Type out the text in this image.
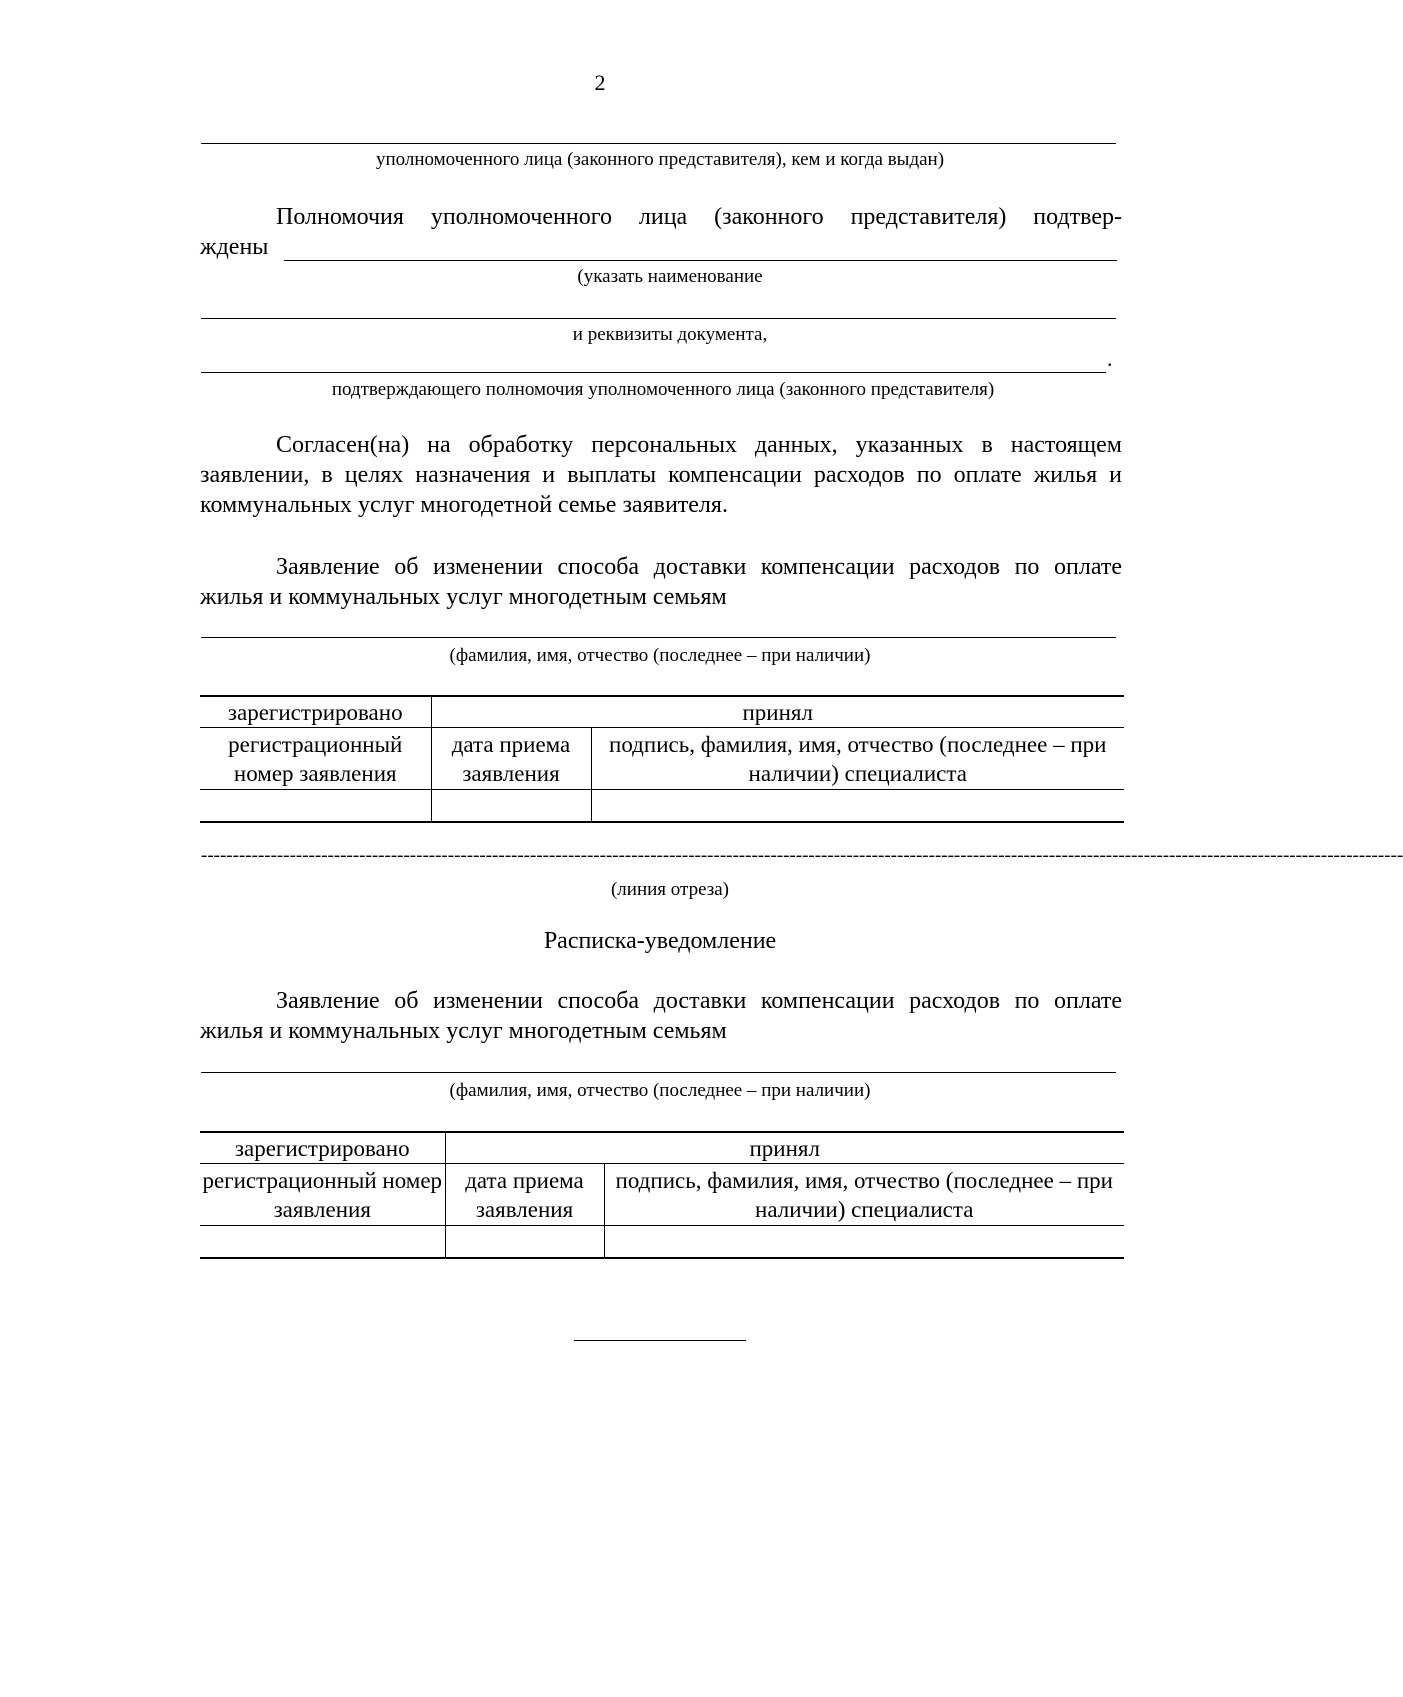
2
уполномоченного лица (законного представителя), кем и когда выдан)
Полномочия уполномоченного лица (законного представителя) подтвер-
ждены
(указать наименование
и реквизиты документа,
.
подтверждающего полномочия уполномоченного лица (законного представителя)
Согласен(на) на обработку персональных данных, указанных в настоящем заявлении, в целях назначения и выплаты компенсации расходов по оплате жилья и коммунальных услуг многодетной семье заявителя.
Заявление об изменении способа доставки компенсации расходов по оплате жилья и коммунальных услуг многодетным семьям
(фамилия, имя, отчество (последнее – при наличии)
зарегистрировано	принял	
регистрационный номер заявления	дата приема заявления	подпись, фамилия, имя, отчество (последнее – при наличии) специалиста

----------------------------------------------------------------------------------------------------------------------------------------------------------------------------------------------
(линия отреза)
Расписка-уведомление
Заявление об изменении способа доставки компенсации расходов по оплате жилья и коммунальных услуг многодетным семьям
(фамилия, имя, отчество (последнее – при наличии)
зарегистрировано	принял	
регистрационный номер заявления	дата приема заявления	подпись, фамилия, имя, отчество (последнее – при наличии) специалиста
